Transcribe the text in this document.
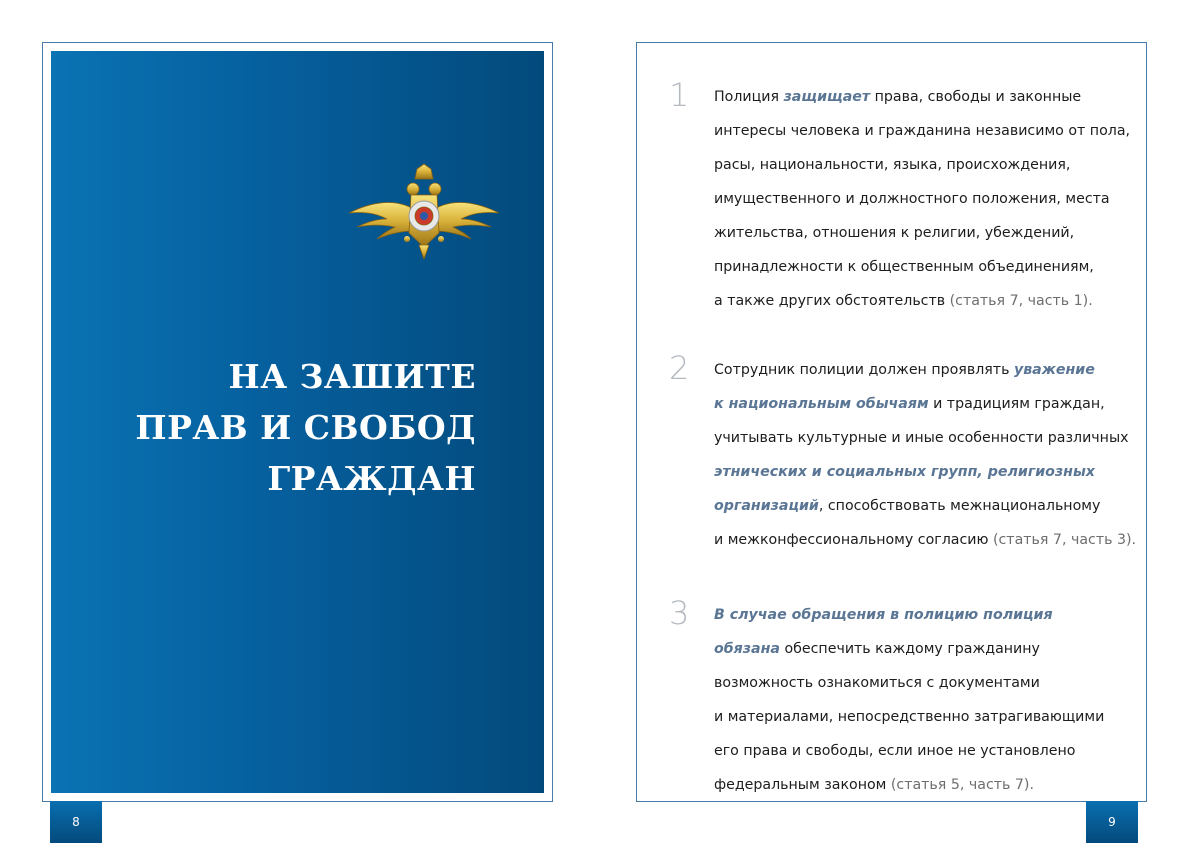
НА ЗАШИТЕ
ПРАВ И СВОБОД
ГРАЖДАН
8
1 Полиция защищает права, свободы и законные
интересы человека и гражданина независимо от пола,
расы, национальности, языка, происхождения,
имущественного и должностного положения, места
жительства, отношения к религии, убеждений,
принадлежности к общественным объединениям,
а также других обстоятельств (статья 7, часть 1).
2 Сотрудник полиции должен проявлять уважение
к национальным обычаям и традициям граждан,
учитывать культурные и иные особенности различных
этнических и социальных групп, религиозных
организаций, способствовать межнациональному
и межконфессиональному согласию (статья 7, часть 3).
3 В случае обращения в полицию полиция
обязана обеспечить каждому гражданину
возможность ознакомиться с документами
и материалами, непосредственно затрагивающими
его права и свободы, если иное не установлено
федеральным законом (статья 5, часть 7).
9
